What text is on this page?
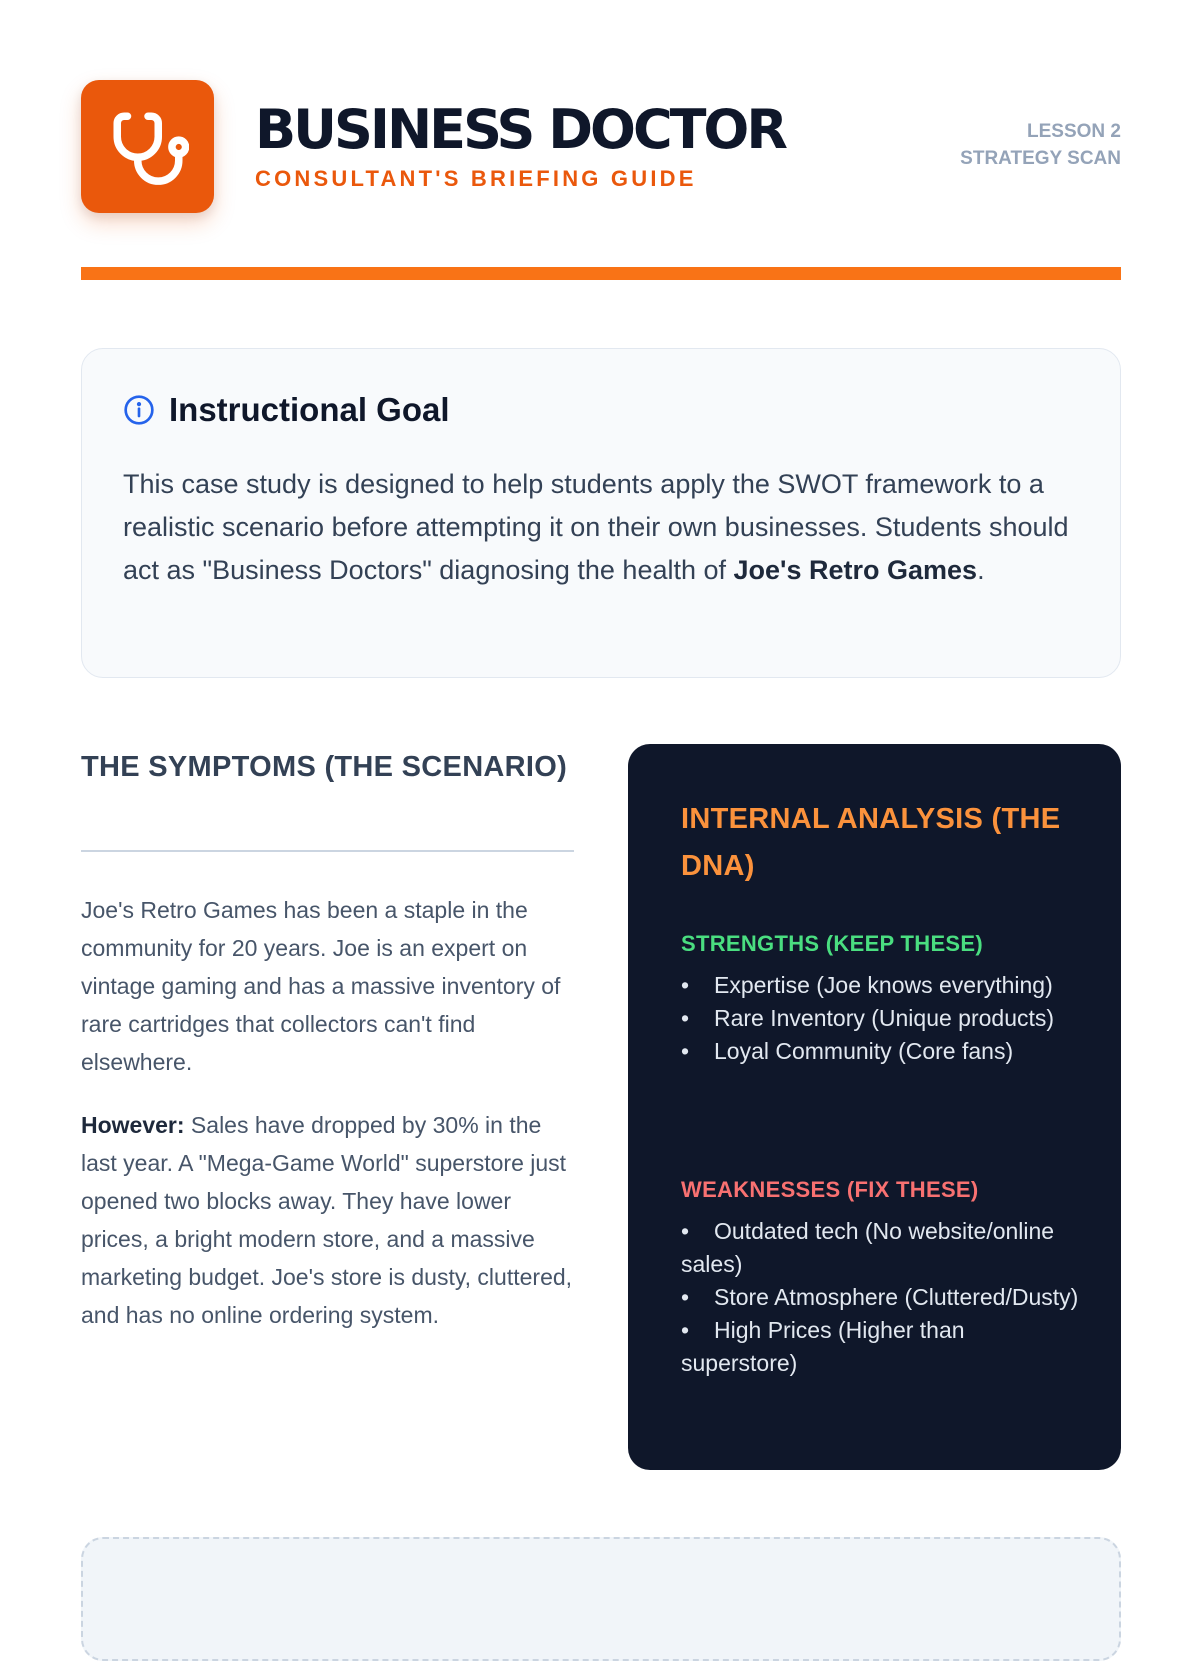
BUSINESS DOCTOR
CONSULTANT'S BRIEFING GUIDE
LESSON 2
STRATEGY SCAN
Instructional Goal

This case study is designed to help students apply the SWOT framework to a realistic scenario before attempting it on their own businesses. Students should act as "Business Doctors" diagnosing the health of Joe's Retro Games.

THE SYMPTOMS (THE SCENARIO)

Joe's Retro Games has been a staple in the community for 20 years. Joe is an expert on vintage gaming and has a massive inventory of rare cartridges that collectors can't find elsewhere.

However: Sales have dropped by 30% in the last year. A "Mega-Game World" superstore just opened two blocks away. They have lower prices, a bright modern store, and a massive marketing budget. Joe's store is dusty, cluttered, and has no online ordering system.

INTERNAL ANALYSIS (THE DNA)
STRENGTHS (KEEP THESE)
• Expertise (Joe knows everything)
• Rare Inventory (Unique products)
• Loyal Community (Core fans)
WEAKNESSES (FIX THESE)
• Outdated tech (No website/online sales)
• Store Atmosphere (Cluttered/Dusty)
• High Prices (Higher than superstore)
